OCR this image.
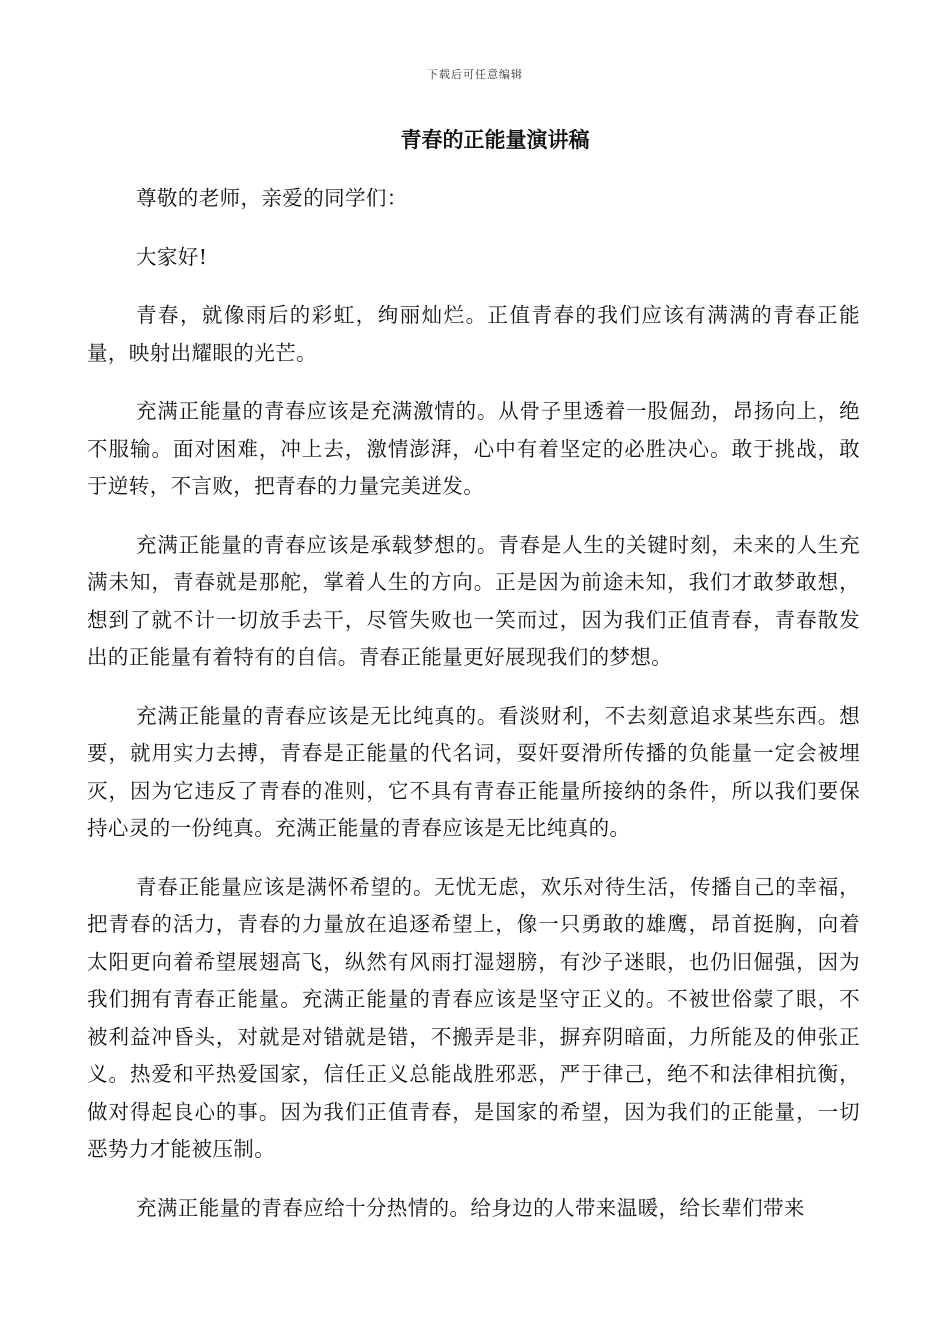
下载后可任意编辑
青春的正能量演讲稿

尊敬的老师，亲爱的同学们：

大家好!

青春，就像雨后的彩虹，绚丽灿烂。正值青春的我们应该有满满的青春正能量，映射出耀眼的光芒。

充满正能量的青春应该是充满激情的。从骨子里透着一股倔劲，昂扬向上，绝不服输。面对困难，冲上去，激情澎湃，心中有着坚定的必胜决心。敢于挑战，敢于逆转，不言败，把青春的力量完美迸发。

充满正能量的青春应该是承载梦想的。青春是人生的关键时刻，未来的人生充满未知，青春就是那舵，掌着人生的方向。正是因为前途未知，我们才敢梦敢想，想到了就不计一切放手去干，尽管失败也一笑而过，因为我们正值青春，青春散发出的正能量有着特有的自信。青春正能量更好展现我们的梦想。

充满正能量的青春应该是无比纯真的。看淡财利，不去刻意追求某些东西。想要，就用实力去搏，青春是正能量的代名词，耍奸耍滑所传播的负能量一定会被埋灭，因为它违反了青春的准则，它不具有青春正能量所接纳的条件，所以我们要保持心灵的一份纯真。充满正能量的青春应该是无比纯真的。

青春正能量应该是满怀希望的。无忧无虑，欢乐对待生活，传播自己的幸福，把青春的活力，青春的力量放在追逐希望上，像一只勇敢的雄鹰，昂首挺胸，向着太阳更向着希望展翅高飞，纵然有风雨打湿翅膀，有沙子迷眼，也仍旧倔强，因为我们拥有青春正能量。充满正能量的青春应该是坚守正义的。不被世俗蒙了眼，不被利益冲昏头，对就是对错就是错，不搬弄是非，摒弃阴暗面，力所能及的伸张正义。热爱和平热爱国家，信任正义总能战胜邪恶，严于律己，绝不和法律相抗衡，做对得起良心的事。因为我们正值青春，是国家的希望，因为我们的正能量，一切恶势力才能被压制。

充满正能量的青春应给十分热情的。给身边的人带来温暖，给长辈们带来
